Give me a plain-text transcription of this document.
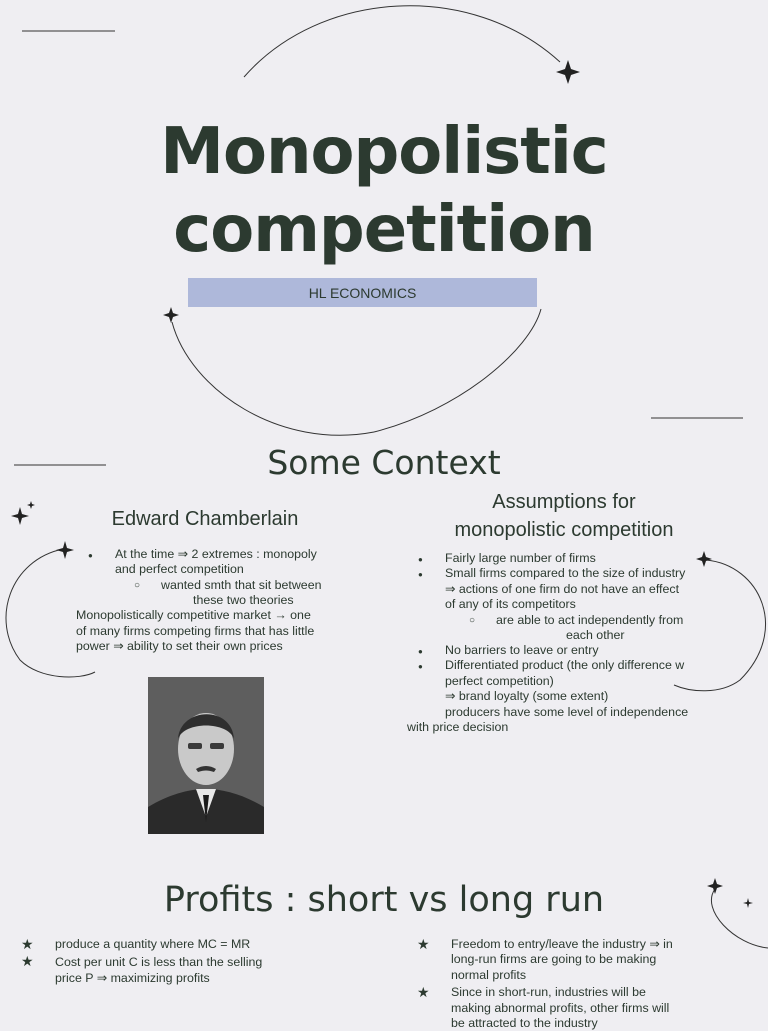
Monopolistic
competition
HL ECONOMICS
Some Context
Edward Chamberlain
● At the time ⇒ 2 extremes : monopoly
and perfect competition
○ wanted smth that sit between
these two theories
Monopolistically competitive market → one
of many firms competing firms that has little
power ⇒ ability to set their own prices
Assumptions for
monopolistic competition
● Fairly large number of firms
● Small firms compared to the size of industry
⇒ actions of one firm do not have an effect
of any of its competitors
○ are able to act independently from
each other
● No barriers to leave or entry
● Differentiated product (the only difference w
perfect competition)
⇒ brand loyalty (some extent)
producers have some level of independence
with price decision
Profits : short vs long run
★ produce a quantity where MC = MR
★ Cost per unit C is less than the selling
price P ⇒ maximizing profits
★ Freedom to entry/leave the industry ⇒ in
long-run firms are going to be making
normal profits
★ Since in short-run, industries will be
making abnormal profits, other firms will
be attracted to the industry
